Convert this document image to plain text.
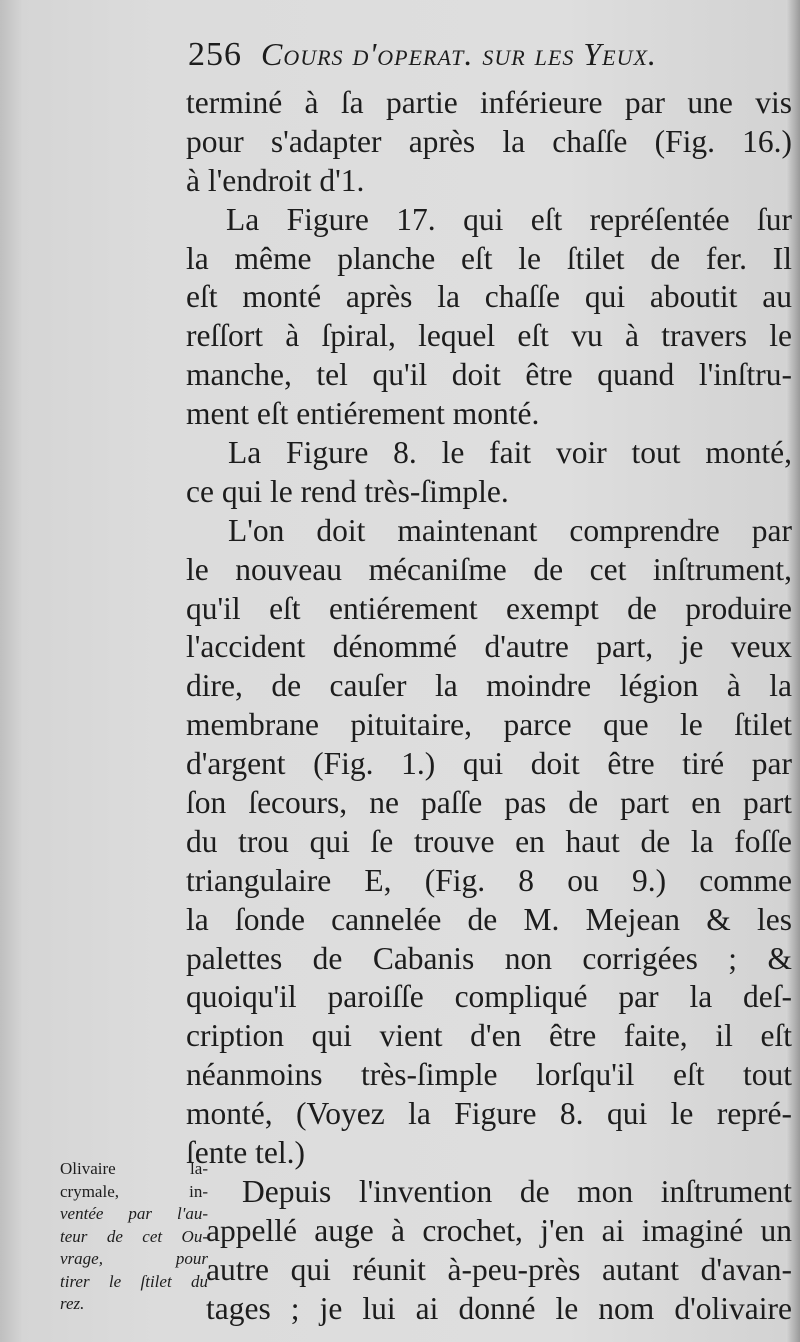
256 Cours d'operat. sur les Yeux.
terminé à ſa partie inférieure par une vis
pour s'adapter après la chaſſe (Fig. 16.)
à l'endroit d'1.
La Figure 17. qui eſt repréſentée ſur
la même planche eſt le ſtilet de fer. Il
eſt monté après la chaſſe qui aboutit au
reſſort à ſpiral, lequel eſt vu à travers le
manche, tel qu'il doit être quand l'inſtru-
ment eſt entiérement monté.
La Figure 8. le fait voir tout monté,
ce qui le rend très-ſimple.
L'on doit maintenant comprendre par
le nouveau mécaniſme de cet inſtrument,
qu'il eſt entiérement exempt de produire
l'accident dénommé d'autre part, je veux
dire, de cauſer la moindre légion à la
membrane pituitaire, parce que le ſtilet
d'argent (Fig. 1.) qui doit être tiré par
ſon ſecours, ne paſſe pas de part en part
du trou qui ſe trouve en haut de la foſſe
triangulaire E, (Fig. 8 ou 9.) comme
la ſonde cannelée de M. Mejean & les
palettes de Cabanis non corrigées ; &
quoiqu'il paroiſſe compliqué par la deſ-
cription qui vient d'en être faite, il eſt
néanmoins très-ſimple lorſqu'il eſt tout
monté, (Voyez la Figure 8. qui le repré-
ſente tel.)
Depuis l'invention de mon inſtrument
appellé auge à crochet, j'en ai imaginé un
autre qui réunit à-peu-près autant d'avan-
tages ; je lui ai donné le nom d'olivaire
Olivaire la-
crymale, in-
ventée par l'au-
teur de cet Ou-
vrage, pour
tirer le ſtilet du
rez.
